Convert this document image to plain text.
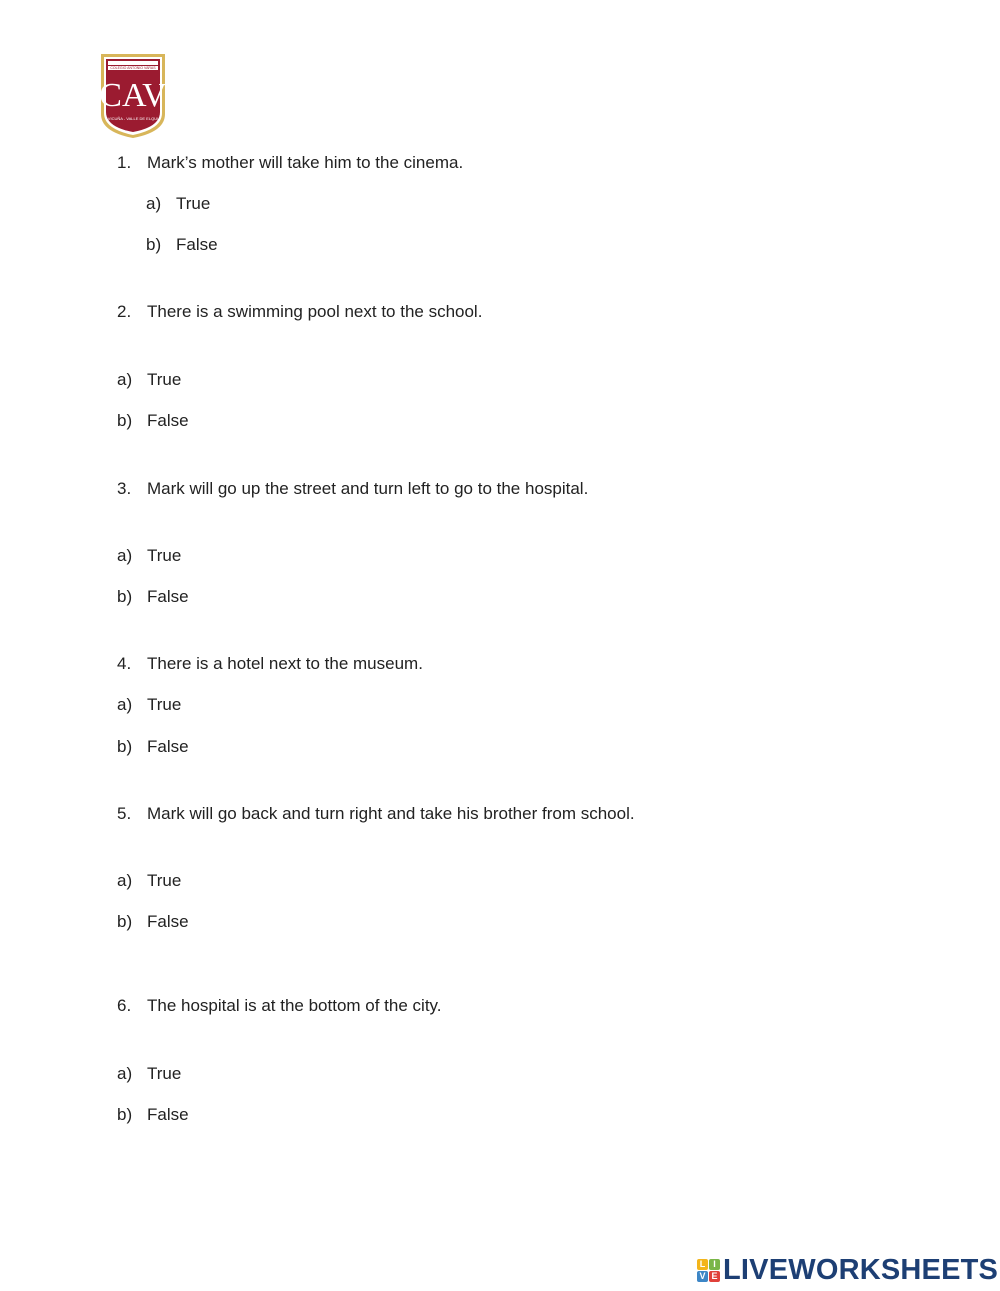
COLEGIO ANTONIO VARAS
CAV
VICUÑA - VALLE DE ELQUI
1. Mark’s mother will take him to the cinema.
a) True
b) False
2. There is a swimming pool next to the school.
a) True
b) False
3. Mark will go up the street and turn left to go to the hospital.
a) True
b) False
4. There is a hotel next to the museum.
a) True
b) False
5. Mark will go back and turn right and take his brother from school.
a) True
b) False
6. The hospital is at the bottom of the city.
a) True
b) False
L I
V E LIVEWORKSHEETS
